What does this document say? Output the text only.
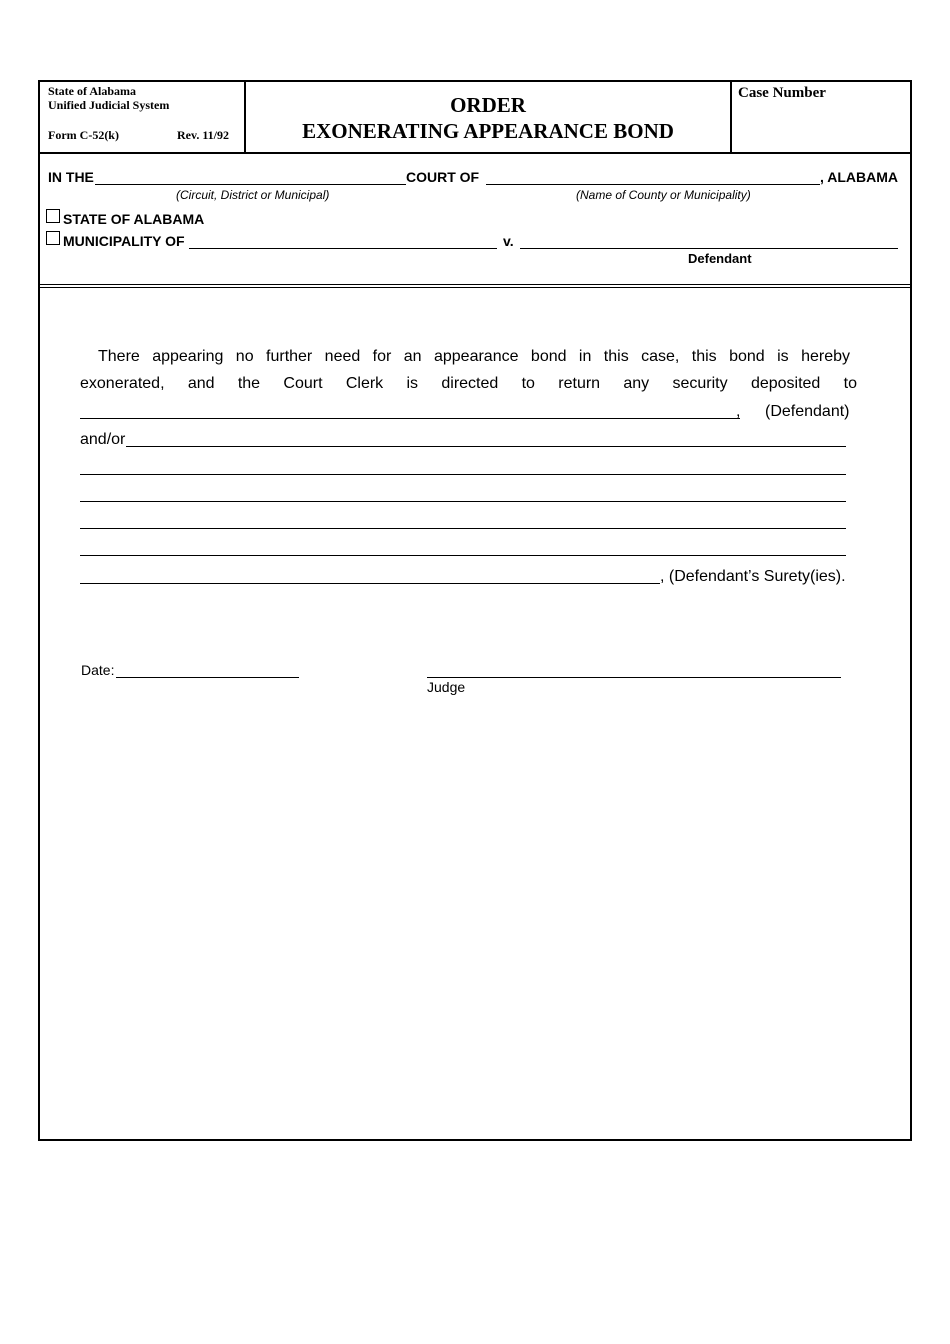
State of Alabama
Unified Judicial System
Form C-52(k)	Rev. 11/92
ORDER
EXONERATING APPEARANCE BOND
Case Number
IN THE
(Circuit, District or Municipal)
COURT OF
(Name of County or Municipality)
, ALABAMA
STATE OF ALABAMA
MUNICIPALITY OF	v.
Defendant
There appearing no further need for an appearance bond in this case, this bond is hereby
exonerated, and the Court Clerk is directed to return any security deposited to
, (Defendant)
and/or
, (Defendant’s Surety(ies).
Date:
Judge
